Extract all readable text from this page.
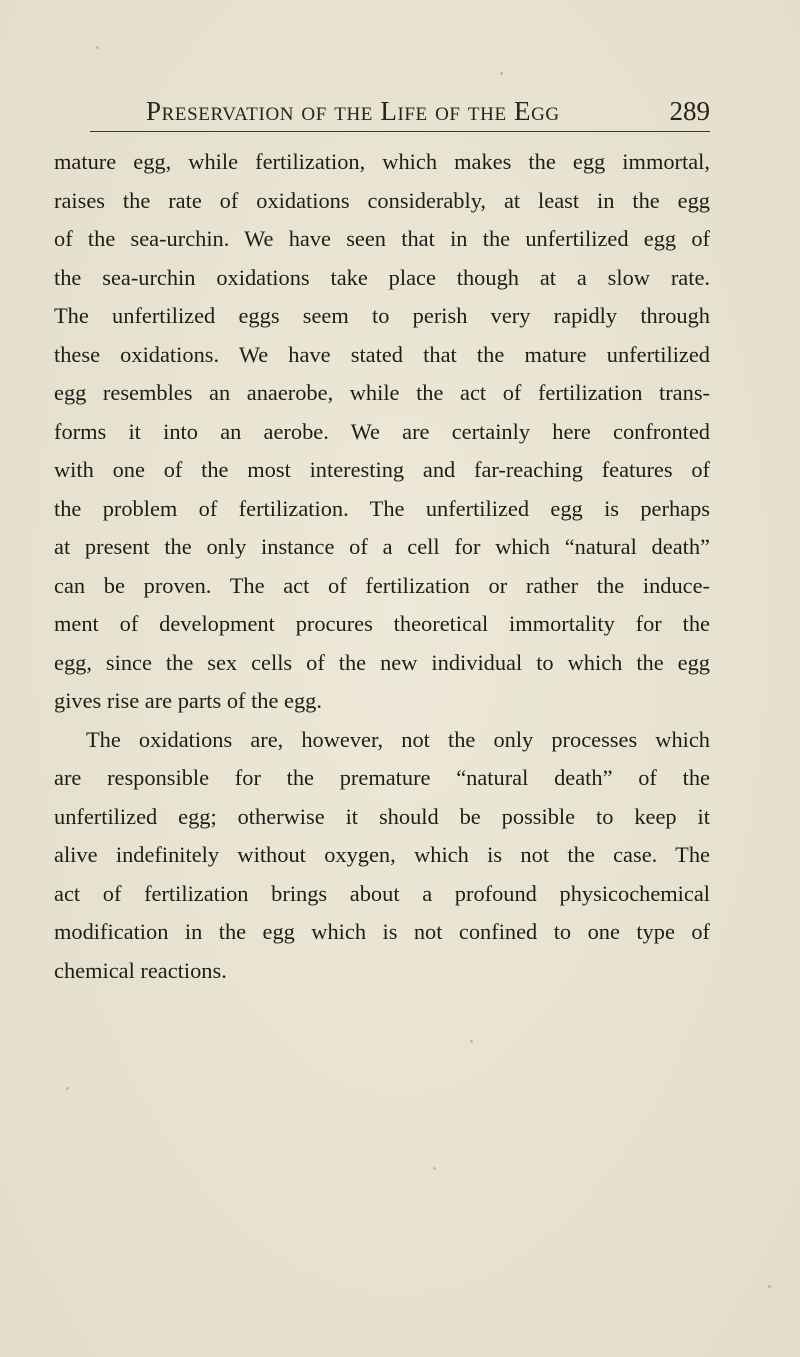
Preservation of the Life of the Egg	289
mature egg, while fertilization, which makes the egg immortal,
raises the rate of oxidations considerably, at least in the egg
of the sea-urchin. We have seen that in the unfertilized egg of
the sea-urchin oxidations take place though at a slow rate.
The unfertilized eggs seem to perish very rapidly through
these oxidations. We have stated that the mature unfertilized
egg resembles an anaerobe, while the act of fertilization trans-
forms it into an aerobe. We are certainly here confronted
with one of the most interesting and far-reaching features of
the problem of fertilization. The unfertilized egg is perhaps
at present the only instance of a cell for which “natural death”
can be proven. The act of fertilization or rather the induce-
ment of development procures theoretical immortality for the
egg, since the sex cells of the new individual to which the egg
gives rise are parts of the egg.
The oxidations are, however, not the only processes which
are responsible for the premature “natural death” of the
unfertilized egg; otherwise it should be possible to keep it
alive indefinitely without oxygen, which is not the case. The
act of fertilization brings about a profound physicochemical
modification in the egg which is not confined to one type of
chemical reactions.
